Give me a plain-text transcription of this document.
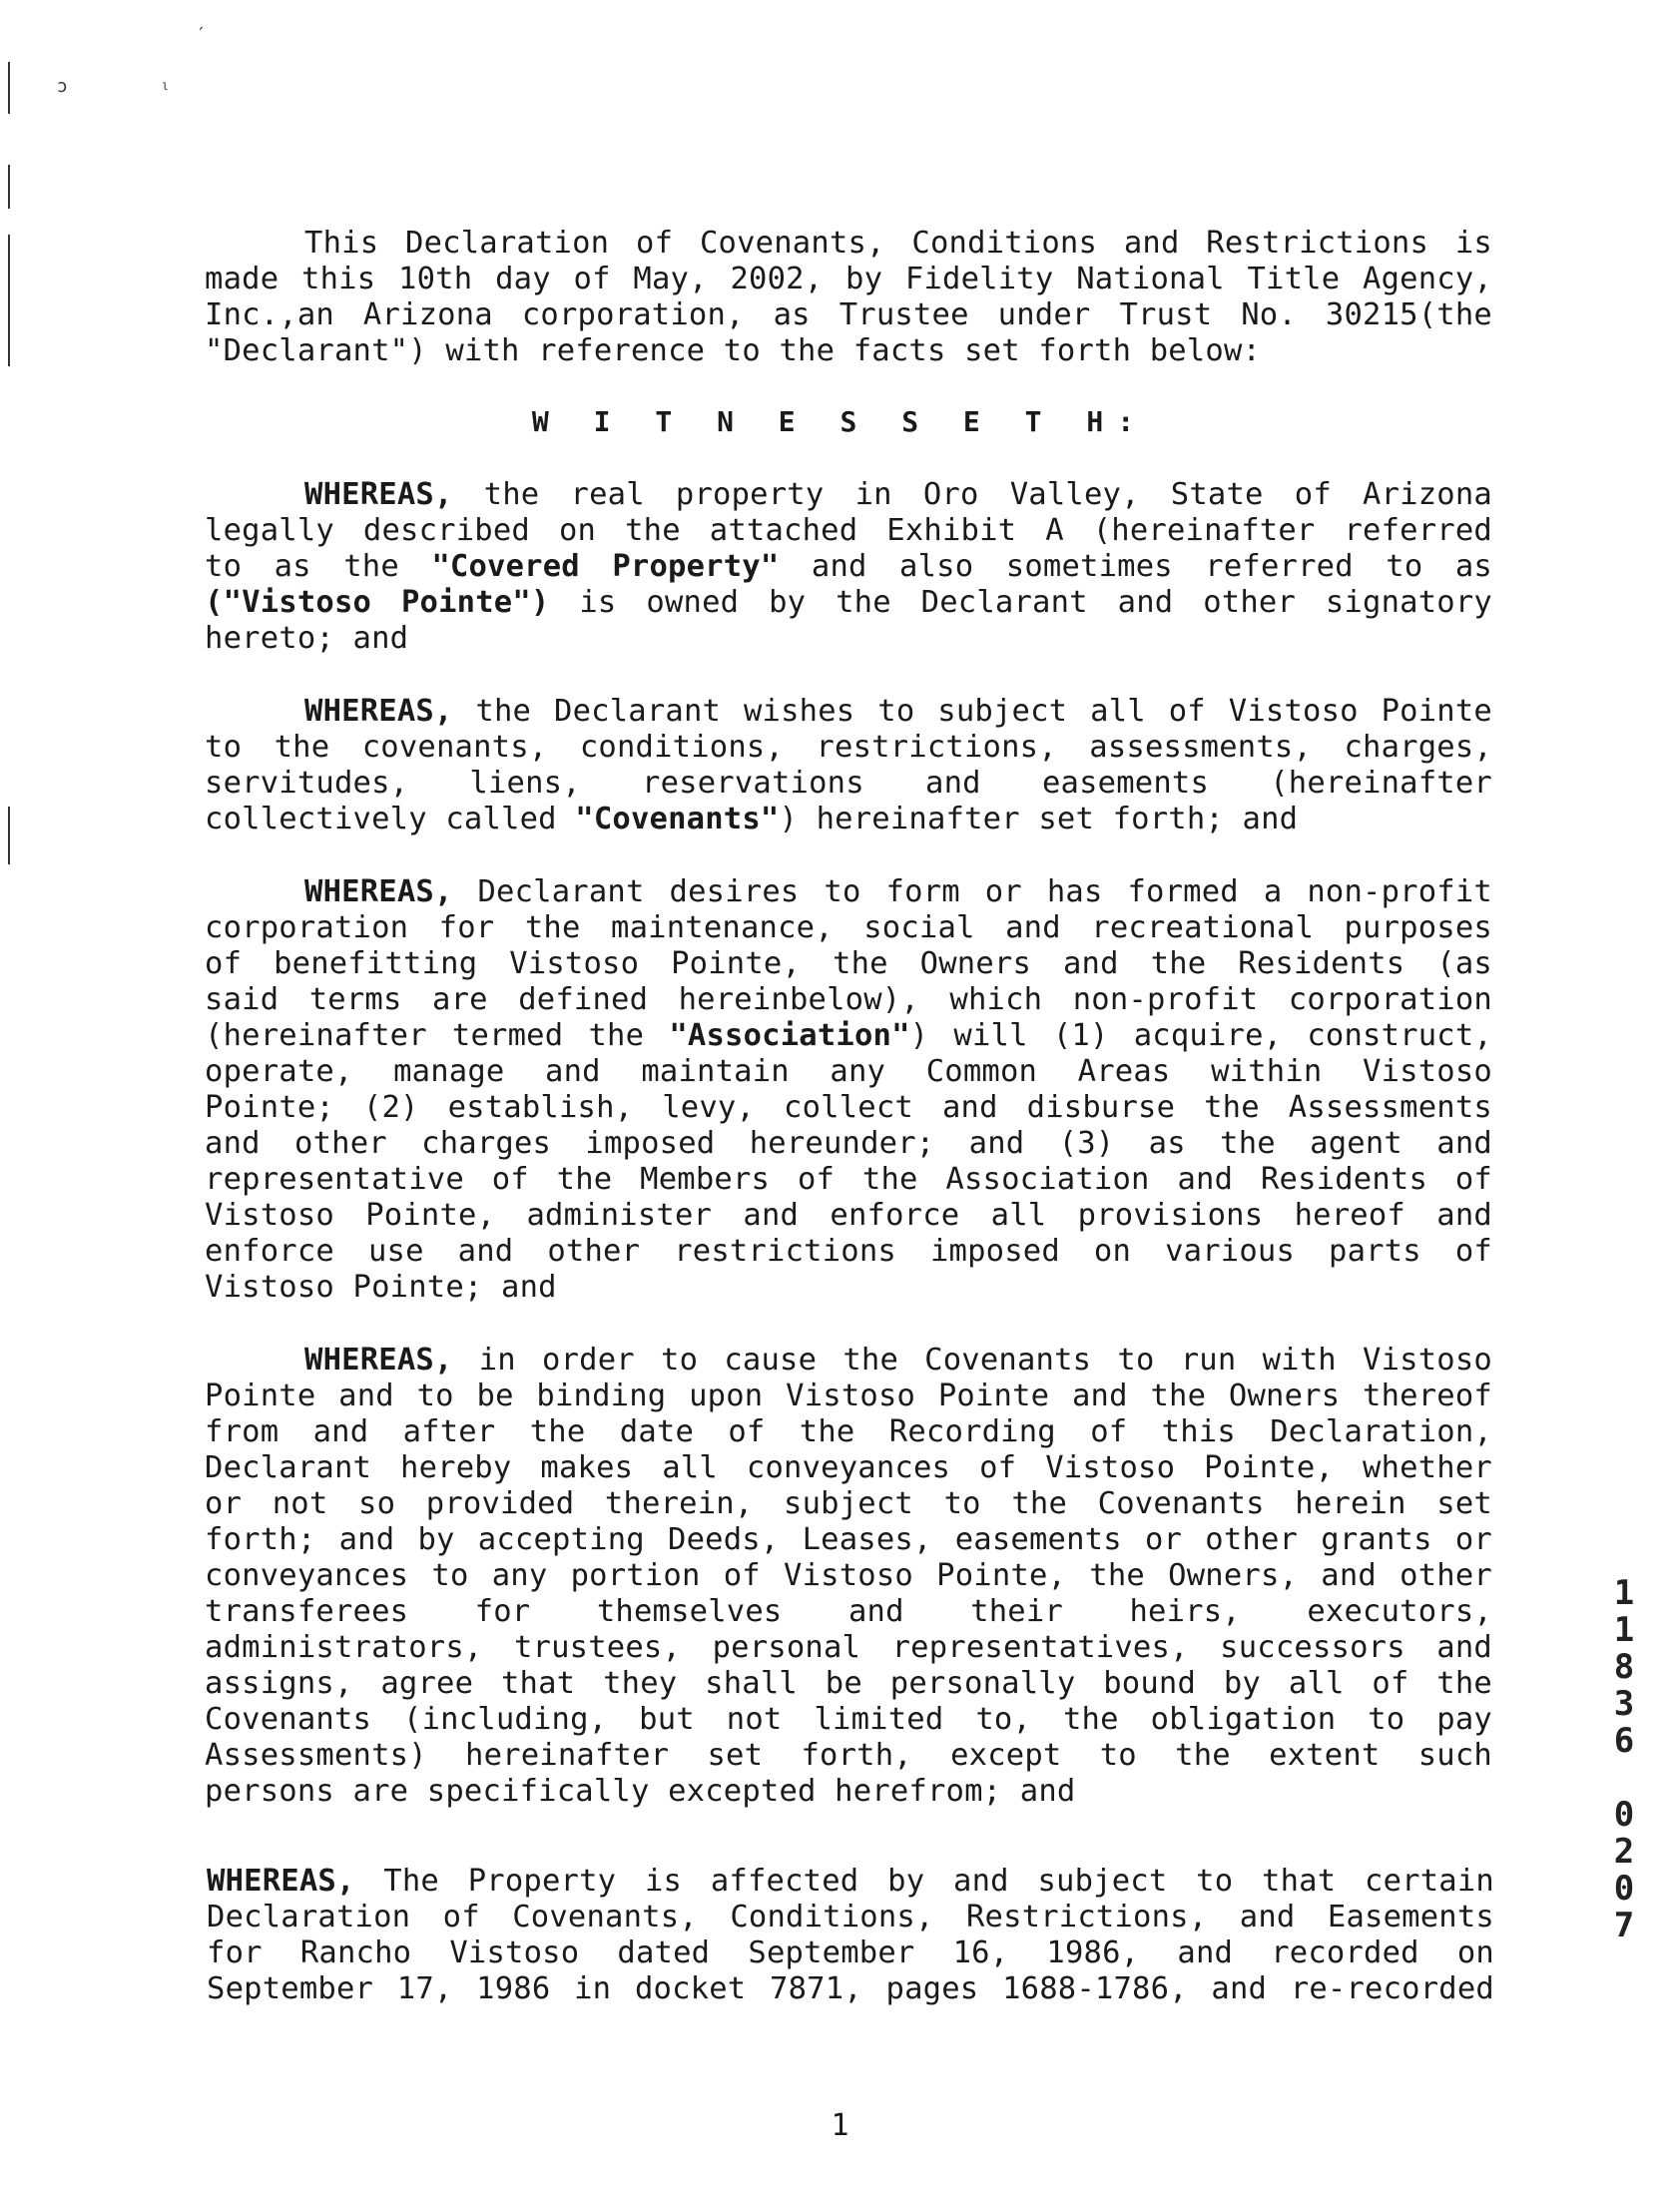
′
ɔ	ˡ
This Declaration of Covenants, Conditions and Restrictions is
made this 10th day of May, 2002, by Fidelity National Title Agency,
Inc.,an Arizona corporation, as Trustee under Trust No. 30215(the
"Declarant") with reference to the facts set forth below:
W I T N E S S E T H:
WHEREAS, the real property in Oro Valley, State of Arizona
legally described on the attached Exhibit A (hereinafter referred
to as the "Covered Property" and also sometimes referred to as
("Vistoso Pointe") is owned by the Declarant and other signatory
hereto; and
WHEREAS, the Declarant wishes to subject all of Vistoso Pointe
to the covenants, conditions, restrictions, assessments, charges,
servitudes, liens, reservations and easements (hereinafter
collectively called "Covenants") hereinafter set forth; and
WHEREAS, Declarant desires to form or has formed a non-profit
corporation for the maintenance, social and recreational purposes
of benefitting Vistoso Pointe, the Owners and the Residents (as
said terms are defined hereinbelow), which non-profit corporation
(hereinafter termed the "Association") will (1) acquire, construct,
operate, manage and maintain any Common Areas within Vistoso
Pointe; (2) establish, levy, collect and disburse the Assessments
and other charges imposed hereunder; and (3) as the agent and
representative of the Members of the Association and Residents of
Vistoso Pointe, administer and enforce all provisions hereof and
enforce use and other restrictions imposed on various parts of
Vistoso Pointe; and
WHEREAS, in order to cause the Covenants to run with Vistoso
Pointe and to be binding upon Vistoso Pointe and the Owners thereof
from and after the date of the Recording of this Declaration,
Declarant hereby makes all conveyances of Vistoso Pointe, whether
or not so provided therein, subject to the Covenants herein set
forth; and by accepting Deeds, Leases, easements or other grants or
conveyances to any portion of Vistoso Pointe, the Owners, and other
transferees for themselves and their heirs, executors,
administrators, trustees, personal representatives, successors and
assigns, agree that they shall be personally bound by all of the
Covenants (including, but not limited to, the obligation to pay
Assessments) hereinafter set forth, except to the extent such
persons are specifically excepted herefrom; and
WHEREAS, The Property is affected by and subject to that certain
Declaration of Covenants, Conditions, Restrictions, and Easements
for Rancho Vistoso dated September 16, 1986, and recorded on
September 17, 1986 in docket 7871, pages 1688-1786, and re-recorded
1
1
8
3
6
0
2
0
7
1
